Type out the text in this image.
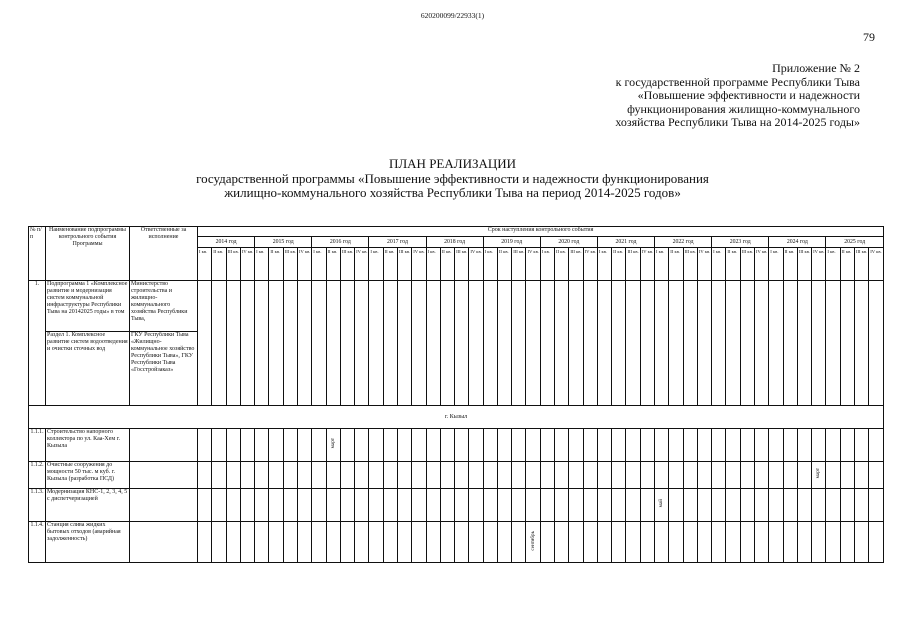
620200099/22933(1)
79
Приложение № 2
к государственной программе Республики Тыва
«Повышение эффективности и надежности
функционирования жилищно-коммунального
хозяйства Республики Тыва на 2014-2025 годы»
ПЛАН РЕАЛИЗАЦИИ
государственной программы «Повышение эффективности и надежности функционирования
жилищно-коммунального хозяйства Республики Тыва на период 2014-2025 годов»
№ п/п	Наименование подпрограммы контрольного события Программы	Ответственные за исполнение	Срок наступления контрольного события																																															
			2014 год				2015 год				2016 год				2017 год				2018 год				2019 год				2020 год				2021 год				2022 год				2023 год				2024 год				2025 год			
			I кв.	II кв.	III кв.	IV кв.	I кв.	II кв.	III кв.	IV кв.	I кв.	II кв.	III кв.	IV кв.	I кв.	II кв.	III кв.	IV кв.	I кв.	II кв.	III кв.	IV кв.	I кв.	II кв.	III кв.	IV кв.	I кв.	II кв.	III кв.	IV кв.	I кв.	II кв.	III кв.	IV кв.	I кв.	II кв.	III кв.	IV кв.	I кв.	II кв.	III кв.	IV кв.	I кв.	II кв.	III кв.	IV кв.	I кв.	II кв.	III кв.	IV кв.
1.	Подпрограмма 1 «Комплексное развитие и модернизация систем коммунальной инфраструктуры Республики Тыва на 20142025 годы» в том	Министерство строительства и жилищно-коммунального хозяйства Республики Тыва,																																																
	Раздел 1. Комплексное развитие систем водоотведения и очистки сточных вод	ГКУ Республики Тыва «Жилищно-коммунальное хозяйство Республики Тыва», ГКУ Республики Тыва «Госстройзаказ»																																																
г. Кызыл																																																		
1.1.1.	Строительство напорного коллектора по ул. Каа-Хем г. Кызыла											март																																						
1.1.2.	Очистные сооружения до мощности 50 тыс. м куб. г. Кызыла (разработка ПСД)																																													март				
1.1.3.	Модернизация КНС-1, 2, 3, 4, 5 с диспетчеризацией																																		май															
1.1.4.	Станция слива жидких бытовых отходов (аварийная задолженность)																									сентябрь																								
